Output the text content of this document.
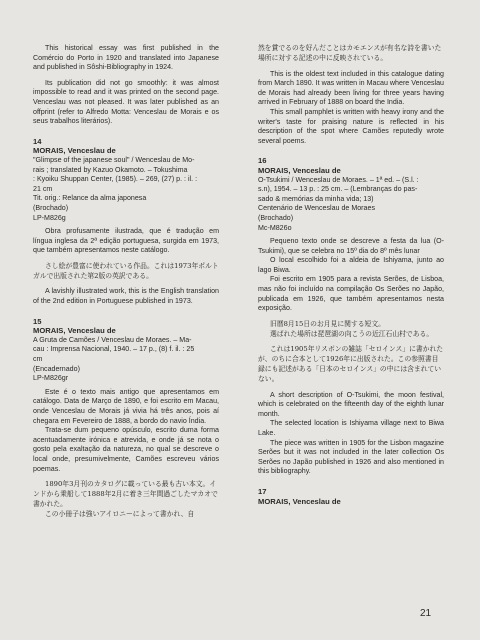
This historical essay was first published in the Comércio do Porto in 1920 and translated into Japanese and published in Sôshi-Bibliography in 1924.

Its publication did not go smoothly: it was almost impossible to read and it was printed on the second page. Venceslau was not pleased. It was later published as an offprint (refer to Alfredo Motta: Venceslau de Morais e os seus trabalhos literários).

14

MORAIS, Venceslau de

"Glimpse of the japanese soul" / Wenceslau de Mo-

rais ; translated by Kazuo Okamoto. – Tokushima

: Kyoiku Shuppan Center, (1985). – 269, (27) p. : il. :

21 cm

Tit. orig.: Relance da alma japonesa

(Brochado)

LP-M826g

Obra profusamente ilustrada, que é tradução em língua inglesa da 2ª edição portuguesa, surgida em 1973, que também apresentamos neste catálogo.

さし絵が豊富に使われている作品。これは1973年ポルトガルで出版された第2版の英訳である。

A lavishly illustrated work, this is the English translation of the 2nd edition in Portuguese published in 1973.

15

MORAIS, Venceslau de

A Gruta de Camões / Venceslau de Moraes. – Ma-

cau : Imprensa Nacional, 1940. – 17 p., (8) f. il. : 25

cm

(Encadernado)

LP-M826gr

Este é o texto mais antigo que apresentamos em catálogo. Data de Março de 1890, e foi escrito em Macau, onde Venceslau de Morais já vivia há três anos, pois aí chegara em Fevereiro de 1888, a bordo do navio Índia.

Trata-se dum pequeno opúsculo, escrito duma forma acentuadamente irónica e atrevida, e onde já se nota o gosto pela exaltação da natureza, no qual se descreve o local onde, presumivelmente, Camões escreveu vários poemas.

1890年3月刊のカタログに載っている最も古い本文。インドから乗船して1888年2月に着き三年間過ごしたマカオで書かれた。

この小冊子は強いアイロニーによって書かれ、自

然を賞でるのを好んだことはカモエンスが有名な詩を書いた場所に対する記述の中に反映されている。

This is the oldest text included in this catalogue dating from March 1890. It was written in Macau where Venceslau de Morais had already been living for three years having arrived in February of 1888 on board the India.

This small pamphlet is written with heavy irony and the writer's taste for praising nature is reflected in his description of the spot where Camões reputedly wrote several poems.

16

MORAIS, Venceslau de

O-Tsukimi / Wenceslau de Moraes. – 1ª ed. – (S.l. :

s.n), 1954. – 13 p. : 25 cm. – (Lembranças do pas-

sado & memórias da minha vida; 13)

Centenário de Wenceslau de Moraes

(Brochado)

Mc-M826o

Pequeno texto onde se descreve a festa da lua (O-Tsukimi), que se celebra no 15º dia do 8º mês lunar

O local escolhido foi a aldeia de Ishiyama, junto ao lago Biwa.

Foi escrito em 1905 para a revista Serões, de Lisboa, mas não foi incluído na compilação Os Serões no Japão, publicada em 1926, que também apresentamos nesta exposição.

旧暦8月15日のお月見に関する短文。

選ばれた場所は琵琶湖の向こうの近江石山村である。

これは1905年リスボンの雑誌「セロインス」に書かれたが、のちに合本として1926年に出版された。この参照書目録にも記述がある「日本のセロインス」の中には含まれていない。

A short description of O-Tsukimi, the moon festival, which is celebrated on the fifteenth day of the eighth lunar month.

The selected location is Ishiyama village next to Biwa Lake.

The piece was written in 1905 for the Lisbon magazine Serões but it was not included in the later collection Os Serões no Japão published in 1926 and also mentioned in this bibliography.

17

MORAIS, Venceslau de

21
